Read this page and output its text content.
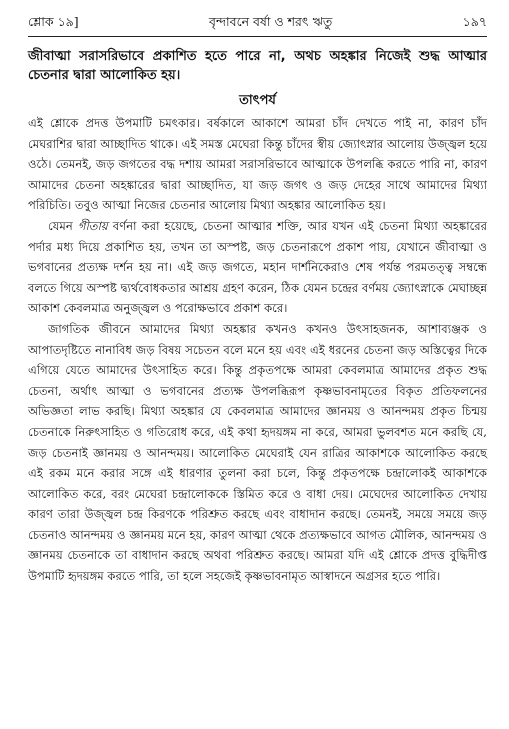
শ্লোক ১৯]	বৃন্দাবনে বর্ষা ও শরৎ ঋতু	১৯৭

জীবাত্মা সরাসরিভাবে প্রকাশিত হতে পারে না, অথচ অহঙ্কার নিজেই শুদ্ধ আত্মার চেতনার দ্বারা আলোকিত হয়।

তাৎপর্য

এই শ্লোকে প্রদত্ত উপমাটি চমৎকার। বর্ষকালে আকাশে আমরা চাঁদ দেখতে পাই না, কারণ চাঁদ মেঘরাশির দ্বারা আচ্ছাদিত থাকে। এই সমস্ত মেঘেরা কিন্তু চাঁদের স্বীয় জ্যোৎস্নার আলোয় উজ্জ্বল হয়ে ওঠে। তেমনই, জড় জগতের বদ্ধ দশায় আমরা সরাসরিভাবে আত্মাকে উপলব্ধি করতে পারি না, কারণ আমাদের চেতনা অহঙ্কারের দ্বারা আচ্ছাদিত, যা জড় জগৎ ও জড় দেহের সাথে আমাদের মিথ্যা পরিচিতি। তবুও আত্মা নিজের চেতনার আলোয় মিথ্যা অহঙ্কার আলোকিত হয়।

যেমন গীতায় বর্ণনা করা হয়েছে, চেতনা আত্মার শক্তি, আর যখন এই চেতনা মিথ্যা অহঙ্কারের পর্দার মধ্য দিয়ে প্রকাশিত হয়, তখন তা অস্পষ্ট, জড় চেতনারূপে প্রকাশ পায়, যেখানে জীবাত্মা ও ভগবানের প্রত্যক্ষ দর্শন হয় না। এই জড় জগতে, মহান দার্শনিকেরাও শেষ পর্যন্ত পরমতত্ত্ব সম্বন্ধে বলতে গিয়ে অস্পষ্ট দ্ব্যর্থবোধকতার আশ্রয় গ্রহণ করেন, ঠিক যেমন চন্দ্রের বর্ণময় জ্যোৎস্নাকে মেঘাচ্ছন্ন আকাশ কেবলমাত্র অনুজ্জ্বল ও পরোক্ষভাবে প্রকাশ করে।

জাগতিক জীবনে আমাদের মিথ্যা অহঙ্কার কখনও কখনও উৎসাহজনক, আশাব্যঞ্জক ও আপাতদৃষ্টিতে নানাবিধ জড় বিষয় সচেতন বলে মনে হয় এবং এই ধরনের চেতনা জড় অস্তিত্বের দিকে এগিয়ে যেতে আমাদের উৎসাহিত করে। কিন্তু প্রকৃতপক্ষে আমরা কেবলমাত্র আমাদের প্রকৃত শুদ্ধ চেতনা, অর্থাৎ আত্মা ও ভগবানের প্রত্যক্ষ উপলব্ধিরূপ কৃষ্ণভাবনামৃতের বিকৃত প্রতিফলনের অভিজ্ঞতা লাভ করছি। মিথ্যা অহঙ্কার যে কেবলমাত্র আমাদের জ্ঞানময় ও আনন্দময় প্রকৃত চিন্ময় চেতনাকে নিরুৎসাহিত ও গতিরোধ করে, এই কথা হৃদয়ঙ্গম না করে, আমরা ভুলবশত মনে করছি যে, জড় চেতনাই জ্ঞানময় ও আনন্দময়। আলোকিত মেঘেরাই যেন রাত্রির আকাশকে আলোকিত করছে এই রকম মনে করার সঙ্গে এই ধারণার তুলনা করা চলে, কিন্তু প্রকৃতপক্ষে চন্দ্রালোকই আকাশকে আলোকিত করে, বরং মেঘেরা চন্দ্রালোককে স্তিমিত করে ও বাধা দেয়। মেঘেদের আলোকিত দেখায় কারণ তারা উজ্জ্বল চন্দ্র কিরণকে পরিশ্রুত করছে এবং বাধাদান করছে। তেমনই, সময়ে সময়ে জড় চেতনাও আনন্দময় ও জ্ঞানময় মনে হয়, কারণ আত্মা থেকে প্রত্যক্ষভাবে আগত মৌলিক, আনন্দময় ও জ্ঞানময় চেতনাকে তা বাধাদান করছে অথবা পরিশ্রুত করছে। আমরা যদি এই শ্লোকে প্রদত্ত বুদ্ধিদীপ্ত উপমাটি হৃদয়ঙ্গম করতে পারি, তা হলে সহজেই কৃষ্ণভাবনামৃত আস্বাদনে অগ্রসর হতে পারি।
